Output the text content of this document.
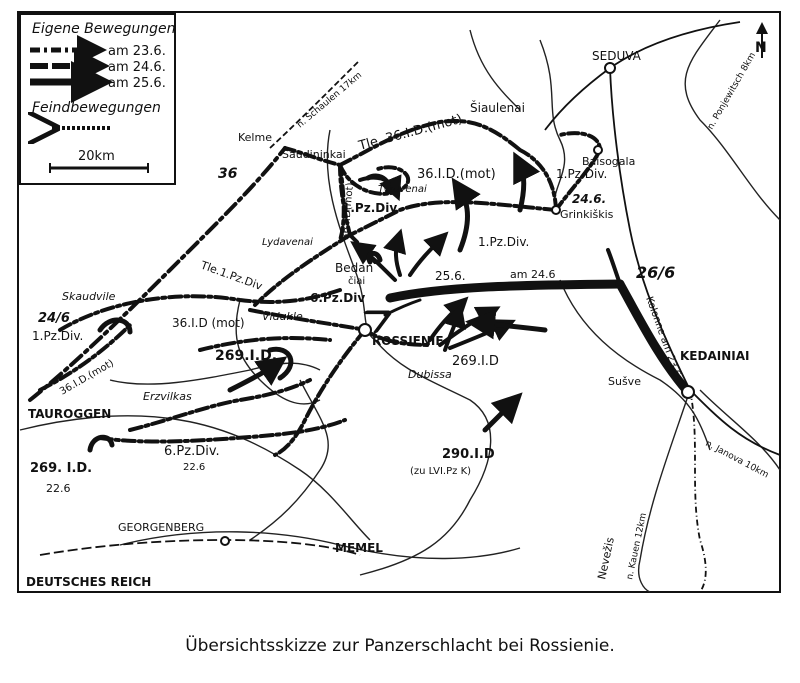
Eigene Bewegungen
am 23.6.
am 24.6.
am 25.6.
Feindbewegungen
20km
N
SEDUVA
Šiaulenai
Kelme
Saudininkai
Tytuvenai
Baisogala
Grinkiškis
Lydavenai
Bedan
čiai
Skaudvile
Vidukle
ROSSIENIE
Dubissa
Sušve
KEDAINIAI
Erzvilkas
TAUROGGEN
GEORGENBERG
MEMEL	Nevežis
DEUTSCHES REICH
n. Schaulen 17km	n. Ponjewitsch 8km
n. Janova 10km
n. Kauen 12km
Tle. 36.I.D.(mot)
36.I.D.(mot)
1.Pz.Div
1.Pz.Div.
1.Pz.Div.
36.I.D(mot)
Tle.1.Pz.Div
6.Pz.Div
1.Pz.Div.
36.I.D (mot)
36.I.D.(mot)
269.I.D.	269.I.D
269. I.D.
22.6
6.Pz.Div.
22.6
290.I.D
(zu LVI.Pz K)
Kolonne am 23.6
24.6.
25.6.	am 24.6	26/6
24/6
36
Übersichtsskizze zur Panzerschlacht bei Rossienie.
